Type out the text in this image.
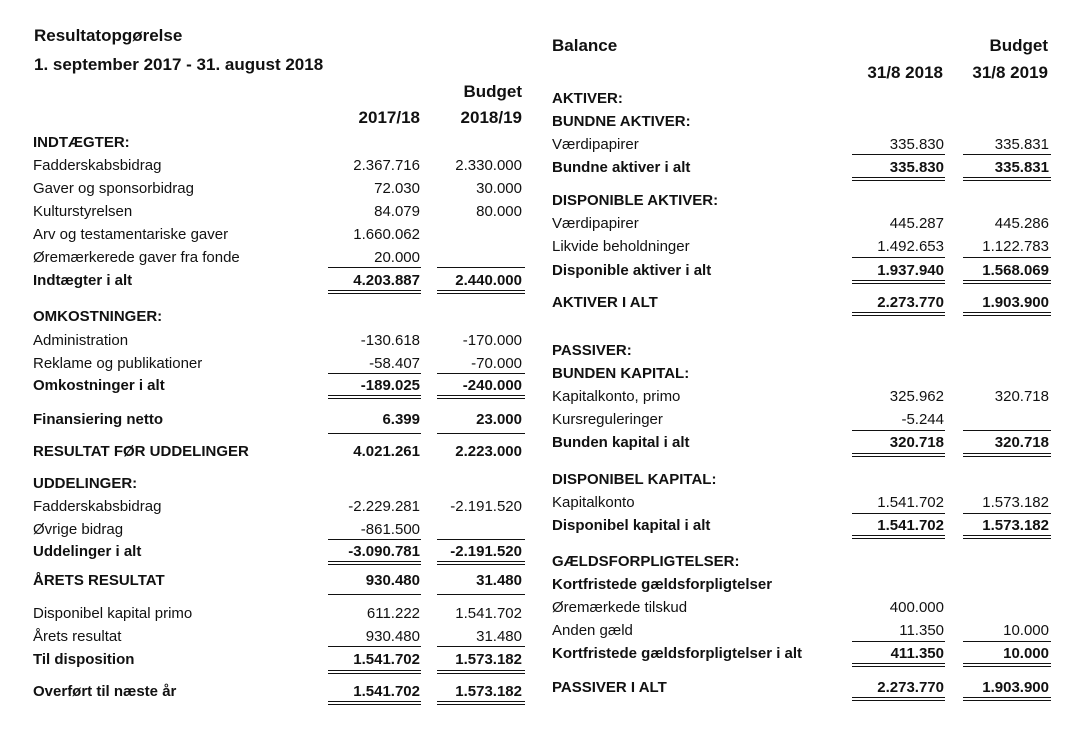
Resultatopgørelse
1. september 2017 - 31. august 2018
Budget
2017/18	2018/19
INDTÆGTER:
Fadderskabsbidrag	2.367.716	2.330.000
Gaver og sponsorbidrag	72.030	30.000
Kulturstyrelsen	84.079	80.000
Arv og testamentariske gaver	1.660.062
Øremærkerede gaver fra fonde	20.000
Indtægter i alt	4.203.887	2.440.000
OMKOSTNINGER:
Administration	-130.618	-170.000
Reklame og publikationer	-58.407	-70.000
Omkostninger i alt	-189.025	-240.000
Finansiering netto	6.399	23.000
RESULTAT FØR UDDELINGER	4.021.261	2.223.000
UDDELINGER:
Fadderskabsbidrag	-2.229.281	-2.191.520
Øvrige bidrag	-861.500
Uddelinger i alt	-3.090.781	-2.191.520
ÅRETS RESULTAT	930.480	31.480
Disponibel kapital primo	611.222	1.541.702
Årets resultat	930.480	31.480
Til disposition	1.541.702	1.573.182
Overført til næste år	1.541.702	1.573.182
Balance	Budget
31/8 2018	31/8 2019
AKTIVER:
BUNDNE AKTIVER:
Værdipapirer	335.830	335.831
Bundne aktiver i alt	335.830	335.831
DISPONIBLE AKTIVER:
Værdipapirer	445.287	445.286
Likvide beholdninger	1.492.653	1.122.783
Disponible aktiver i alt	1.937.940	1.568.069
AKTIVER I ALT	2.273.770	1.903.900
PASSIVER:
BUNDEN KAPITAL:
Kapitalkonto, primo	325.962	320.718
Kursreguleringer	-5.244
Bunden kapital i alt	320.718	320.718
DISPONIBEL KAPITAL:
Kapitalkonto	1.541.702	1.573.182
Disponibel kapital i alt	1.541.702	1.573.182
GÆLDSFORPLIGTELSER:
Kortfristede gældsforpligtelser
Øremærkede tilskud	400.000
Anden gæld	11.350	10.000
Kortfristede gældsforpligtelser i alt	411.350	10.000
PASSIVER I ALT	2.273.770	1.903.900
